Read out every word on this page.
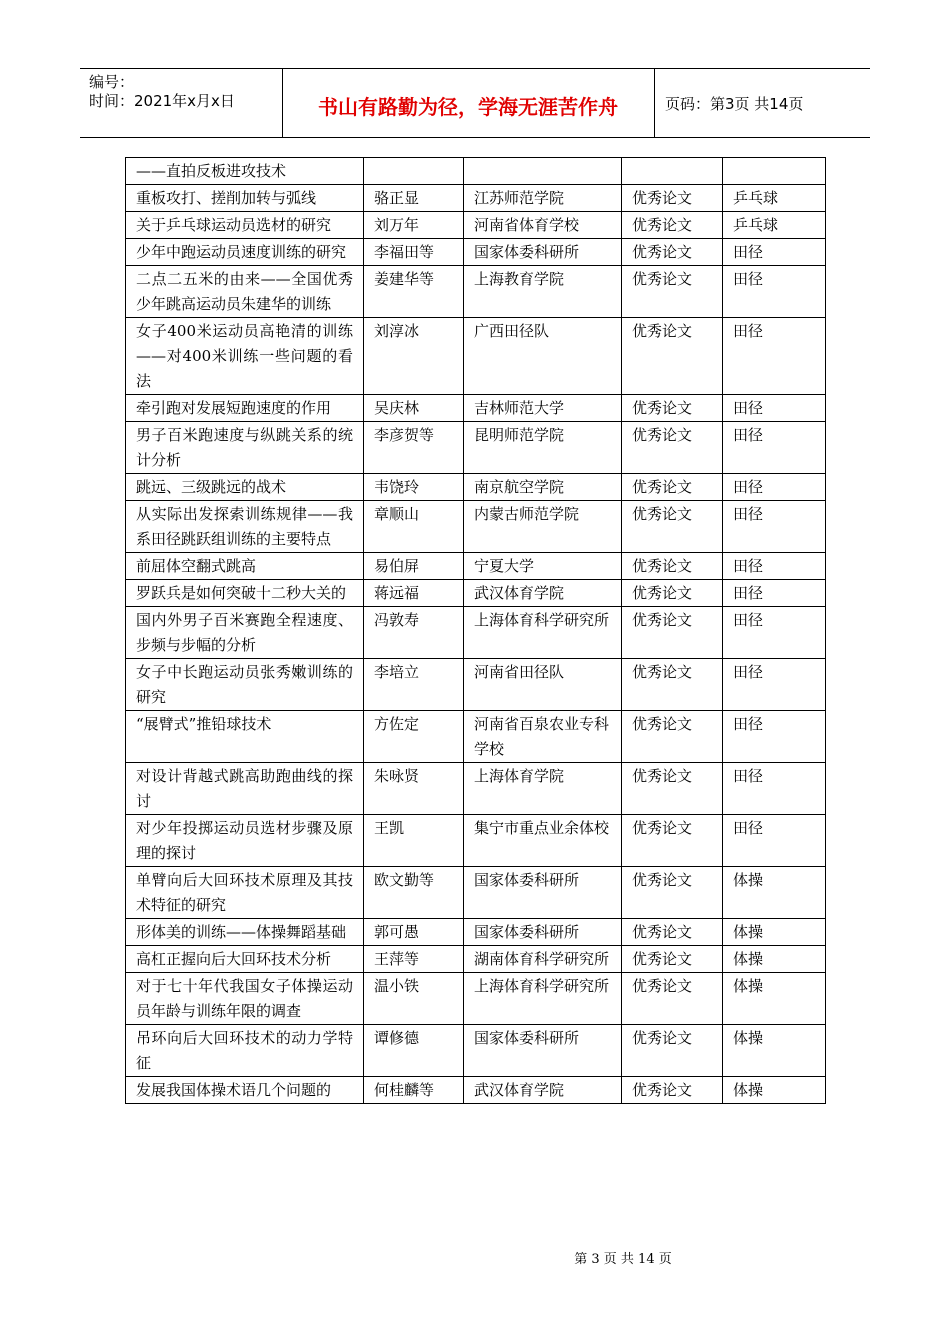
编号：
时间：2021年x月x日	书山有路勤为径，学海无涯苦作舟	页码：第3页 共14页
——直拍反板进攻技术				
重板攻打、搓削加转与弧线	骆正显	江苏师范学院	优秀论文	乒乓球
关于乒乓球运动员选材的研究	刘万年	河南省体育学校	优秀论文	乒乓球
少年中跑运动员速度训练的研究	李福田等	国家体委科研所	优秀论文	田径
二点二五米的由来——全国优秀少年跳高运动员朱建华的训练	姜建华等	上海教育学院	优秀论文	田径
女子400米运动员高艳清的训练——对400米训练一些问题的看法	刘淳冰	广西田径队	优秀论文	田径
牵引跑对发展短跑速度的作用	吴庆林	吉林师范大学	优秀论文	田径
男子百米跑速度与纵跳关系的统计分析	李彦贺等	昆明师范学院	优秀论文	田径
跳远、三级跳远的战术	韦饶玲	南京航空学院	优秀论文	田径
从实际出发探索训练规律——我系田径跳跃组训练的主要特点	章顺山	内蒙古师范学院	优秀论文	田径
前屈体空翻式跳高	易伯屏	宁夏大学	优秀论文	田径
罗跃兵是如何突破十二秒大关的	蒋远福	武汉体育学院	优秀论文	田径
国内外男子百米赛跑全程速度、步频与步幅的分析	冯敦寿	上海体育科学研究所	优秀论文	田径
女子中长跑运动员张秀嫩训练的研究	李培立	河南省田径队	优秀论文	田径
“展臂式”推铅球技术	方佐定	河南省百泉农业专科学校	优秀论文	田径
对设计背越式跳高助跑曲线的探讨	朱咏贤	上海体育学院	优秀论文	田径
对少年投掷运动员选材步骤及原理的探讨	王凯	集宁市重点业余体校	优秀论文	田径
单臂向后大回环技术原理及其技术特征的研究	欧文勤等	国家体委科研所	优秀论文	体操
形体美的训练——体操舞蹈基础	郭可愚	国家体委科研所	优秀论文	体操
高杠正握向后大回环技术分析	王萍等	湖南体育科学研究所	优秀论文	体操
对于七十年代我国女子体操运动员年龄与训练年限的调查	温小铁	上海体育科学研究所	优秀论文	体操
吊环向后大回环技术的动力学特征	谭修德	国家体委科研所	优秀论文	体操
发展我国体操术语几个问题的	何桂麟等	武汉体育学院	优秀论文	体操
第 3 页 共 14 页
